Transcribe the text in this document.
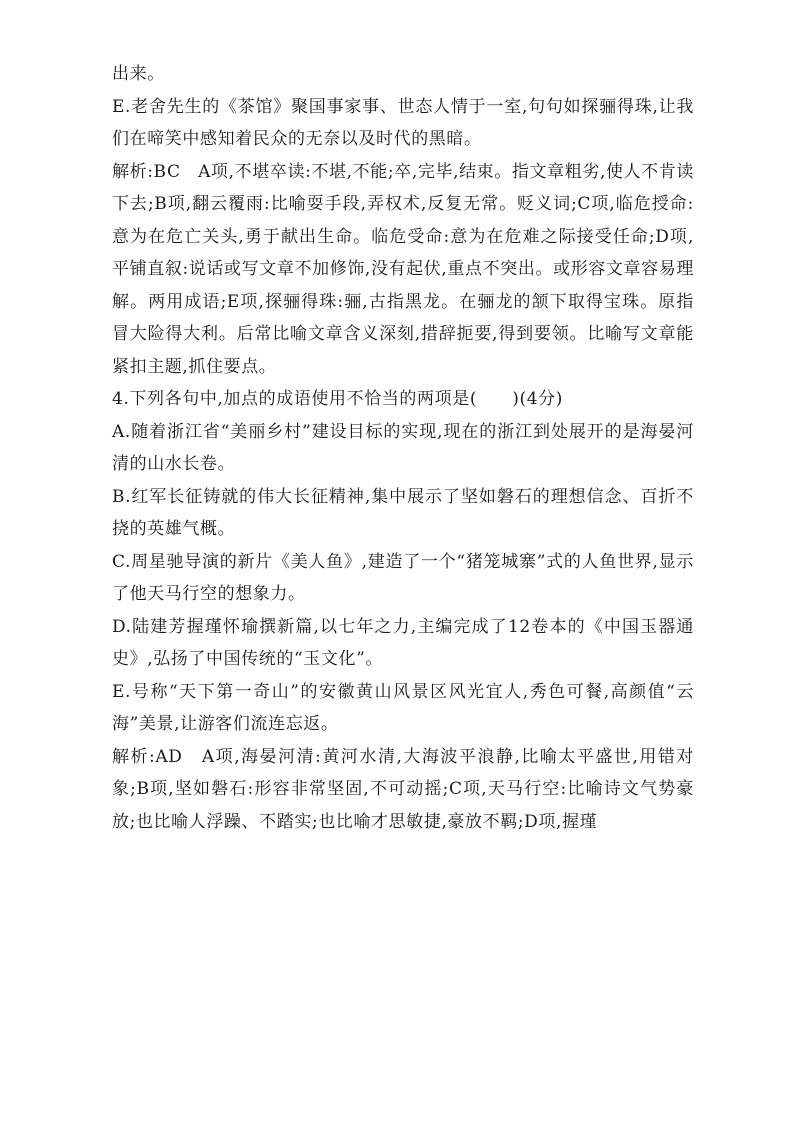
出来。

E.老舍先生的《茶馆》聚国事家事、世态人情于一室,句句如探骊得珠,让我们在啼笑中感知着民众的无奈以及时代的黑暗。

解析:BC　A项,不堪卒读:不堪,不能;卒,完毕,结束。指文章粗劣,使人不肯读下去;B项,翻云覆雨:比喻耍手段,弄权术,反复无常。贬义词;C项,临危授命:意为在危亡关头,勇于献出生命。临危受命:意为在危难之际接受任命;D项,平铺直叙:说话或写文章不加修饰,没有起伏,重点不突出。或形容文章容易理解。两用成语;E项,探骊得珠:骊,古指黑龙。在骊龙的颔下取得宝珠。原指冒大险得大利。后常比喻文章含义深刻,措辞扼要,得到要领。比喻写文章能紧扣主题,抓住要点。

4.下列各句中,加点的成语使用不恰当的两项是(　　)(4分)

A.随着浙江省“美丽乡村”建设目标的实现,现在的浙江到处展开的是海晏河清的山水长卷。

B.红军长征铸就的伟大长征精神,集中展示了坚如磐石的理想信念、百折不挠的英雄气概。

C.周星驰导演的新片《美人鱼》,建造了一个“猪笼城寨”式的人鱼世界,显示了他天马行空的想象力。

D.陆建芳握瑾怀瑜撰新篇,以七年之力,主编完成了12卷本的《中国玉器通史》,弘扬了中国传统的“玉文化”。

E.号称“天下第一奇山”的安徽黄山风景区风光宜人,秀色可餐,高颜值“云海”美景,让游客们流连忘返。

解析:AD　A项,海晏河清:黄河水清,大海波平浪静,比喻太平盛世,用错对象;B项,坚如磐石:形容非常坚固,不可动摇;C项,天马行空:比喻诗文气势豪放;也比喻人浮躁、不踏实;也比喻才思敏捷,豪放不羁;D项,握瑾
